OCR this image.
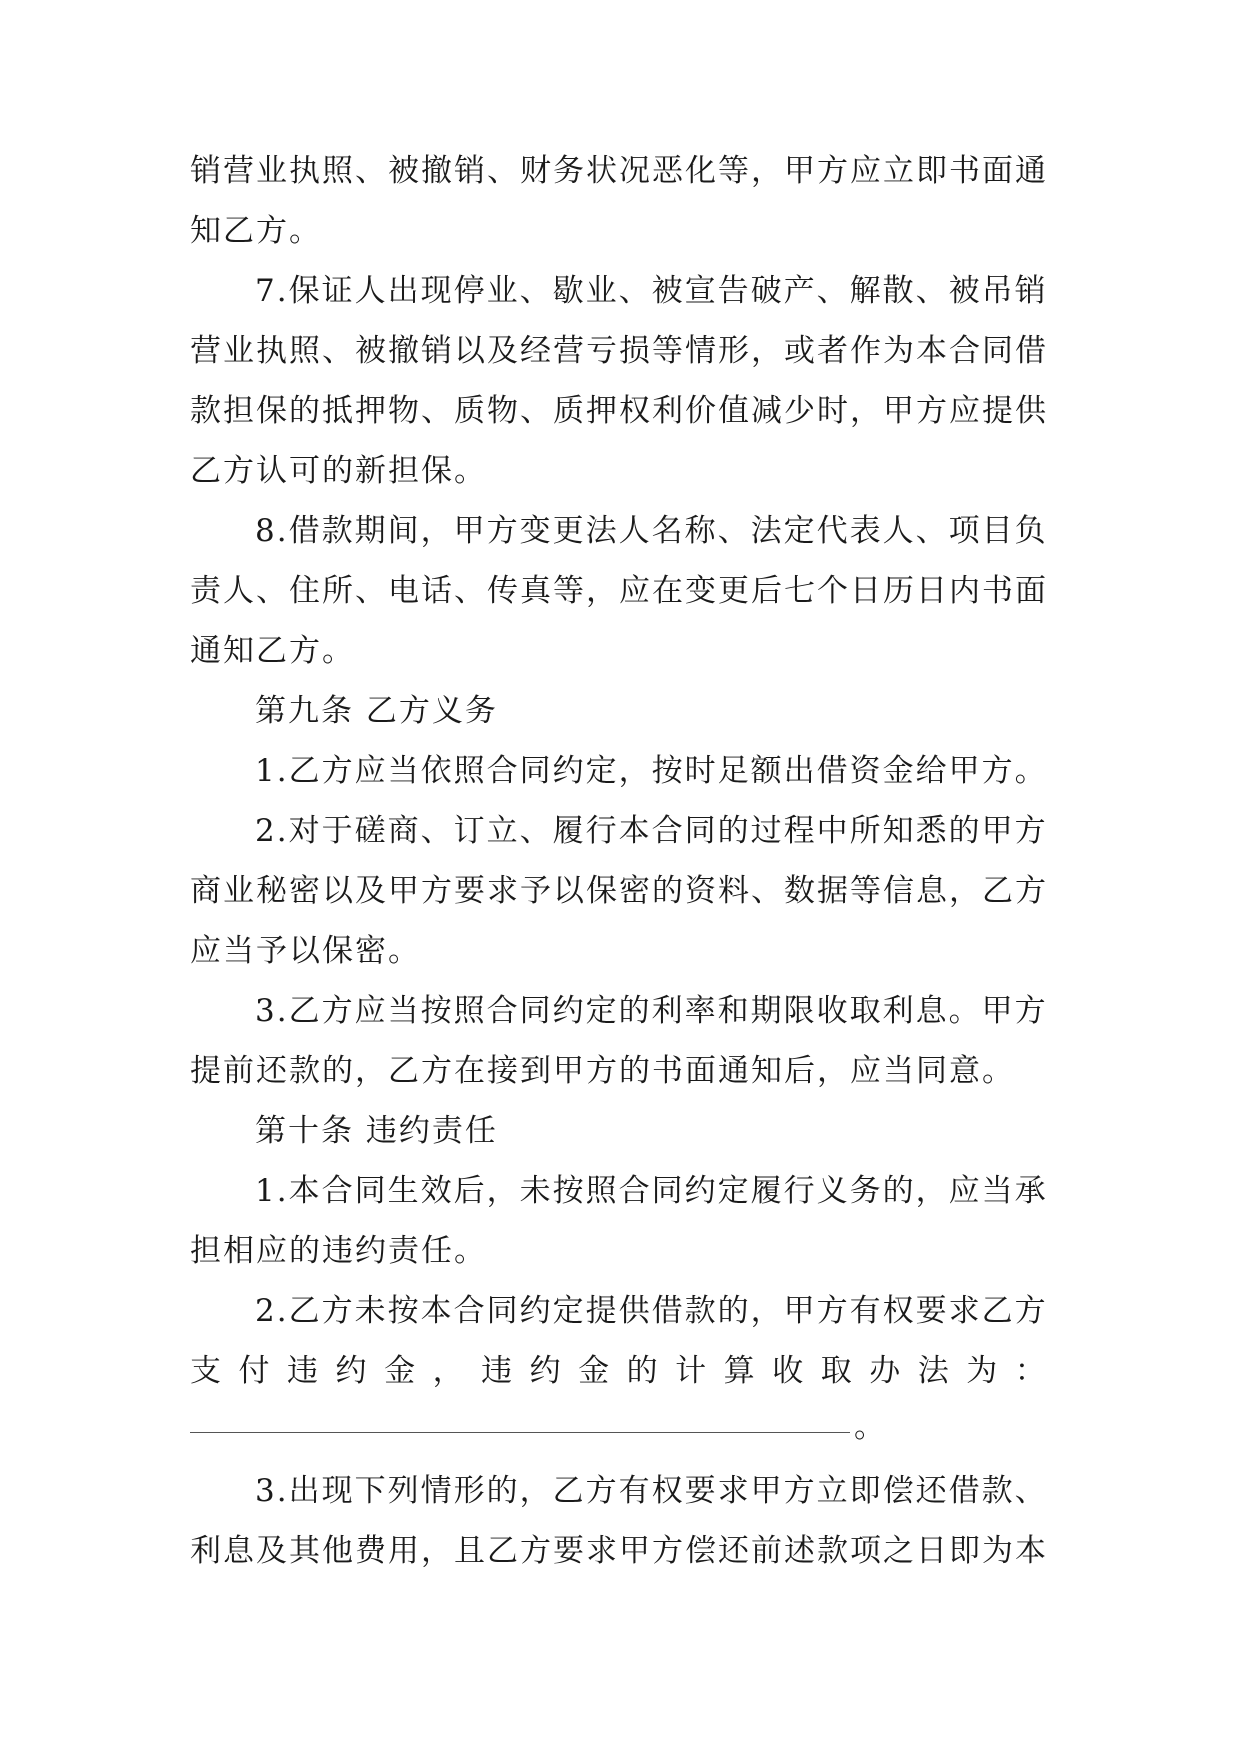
销营业执照、被撤销、财务状况恶化等，甲方应立即书面通
知乙方。
7.保证人出现停业、歇业、被宣告破产、解散、被吊销
营业执照、被撤销以及经营亏损等情形，或者作为本合同借
款担保的抵押物、质物、质押权利价值减少时，甲方应提供
乙方认可的新担保。
8.借款期间，甲方变更法人名称、法定代表人、项目负
责人、住所、电话、传真等，应在变更后七个日历日内书面
通知乙方。
第九条 乙方义务
1.乙方应当依照合同约定，按时足额出借资金给甲方。
2.对于磋商、订立、履行本合同的过程中所知悉的甲方
商业秘密以及甲方要求予以保密的资料、数据等信息，乙方
应当予以保密。
3.乙方应当按照合同约定的利率和期限收取利息。甲方
提前还款的，乙方在接到甲方的书面通知后，应当同意。
第十条 违约责任
1.本合同生效后，未按照合同约定履行义务的，应当承
担相应的违约责任。
2.乙方未按本合同约定提供借款的，甲方有权要求乙方
支 付 违 约 金 ， 违 约 金 的 计 算 收 取 办 法 为 ：
。
3.出现下列情形的，乙方有权要求甲方立即偿还借款、
利息及其他费用，且乙方要求甲方偿还前述款项之日即为本
